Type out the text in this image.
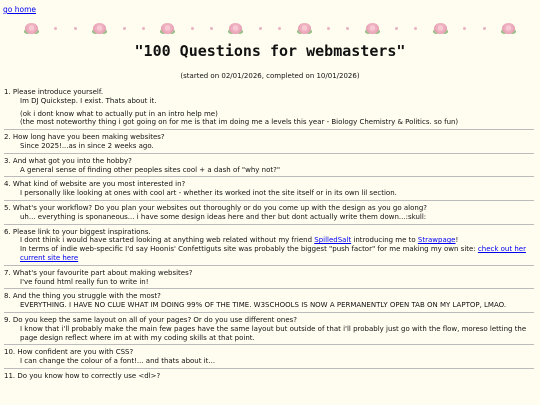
go home
"100 Questions for webmasters"
(started on 02/01/2026, completed on 10/01/2026)

1. Please introduce yourself.

Im DJ Quickstep. I exist. Thats about it.

(ok i dont know what to actually put in an intro help me)

(the most noteworthy thing i got going on for me is that im doing me a levels this year - Biology Chemistry & Politics. so fun)

2. How long have you been making websites?

Since 2025!...as in since 2 weeks ago.

3. And what got you into the hobby?

A general sense of finding other peoples sites cool + a dash of "why not?"

4. What kind of website are you most interested in?

I personally like looking at ones with cool art - whether its worked inot the site itself or in its own lil section.

5. What's your workflow? Do you plan your websites out thoroughly or do you come up with the design as you go along?

uh... everything is sponaneous... i have some design ideas here and ther but dont actually write them down...:skull:

6. Please link to your biggest inspirations.

I dont think i would have started looking at anything web related without my friend SpilledSalt introducing me to Strawpage!

In terms of indie web-specific I'd say Hoonis' Confettiguts site was probably the biggest "push factor" for me making my own site: check out her current site here

7. What's your favourite part about making websites?

I've found html really fun to write in!

8. And the thing you struggle with the most?

EVERYTHING. I HAVE NO CLUE WHAT IM DOING 99% OF THE TIME. W3SCHOOLS IS NOW A PERMANENTLY OPEN TAB ON MY LAPTOP, LMAO.

9. Do you keep the same layout on all of your pages? Or do you use different ones?

I know that i'll probably make the main few pages have the same layout but outside of that i'll probably just go with the flow, moreso letting the page design reflect where im at with my coding skills at that point.

10. How confident are you with CSS?

I can change the colour of a font!... and thats about it...

11. Do you know how to correctly use <dl>?
